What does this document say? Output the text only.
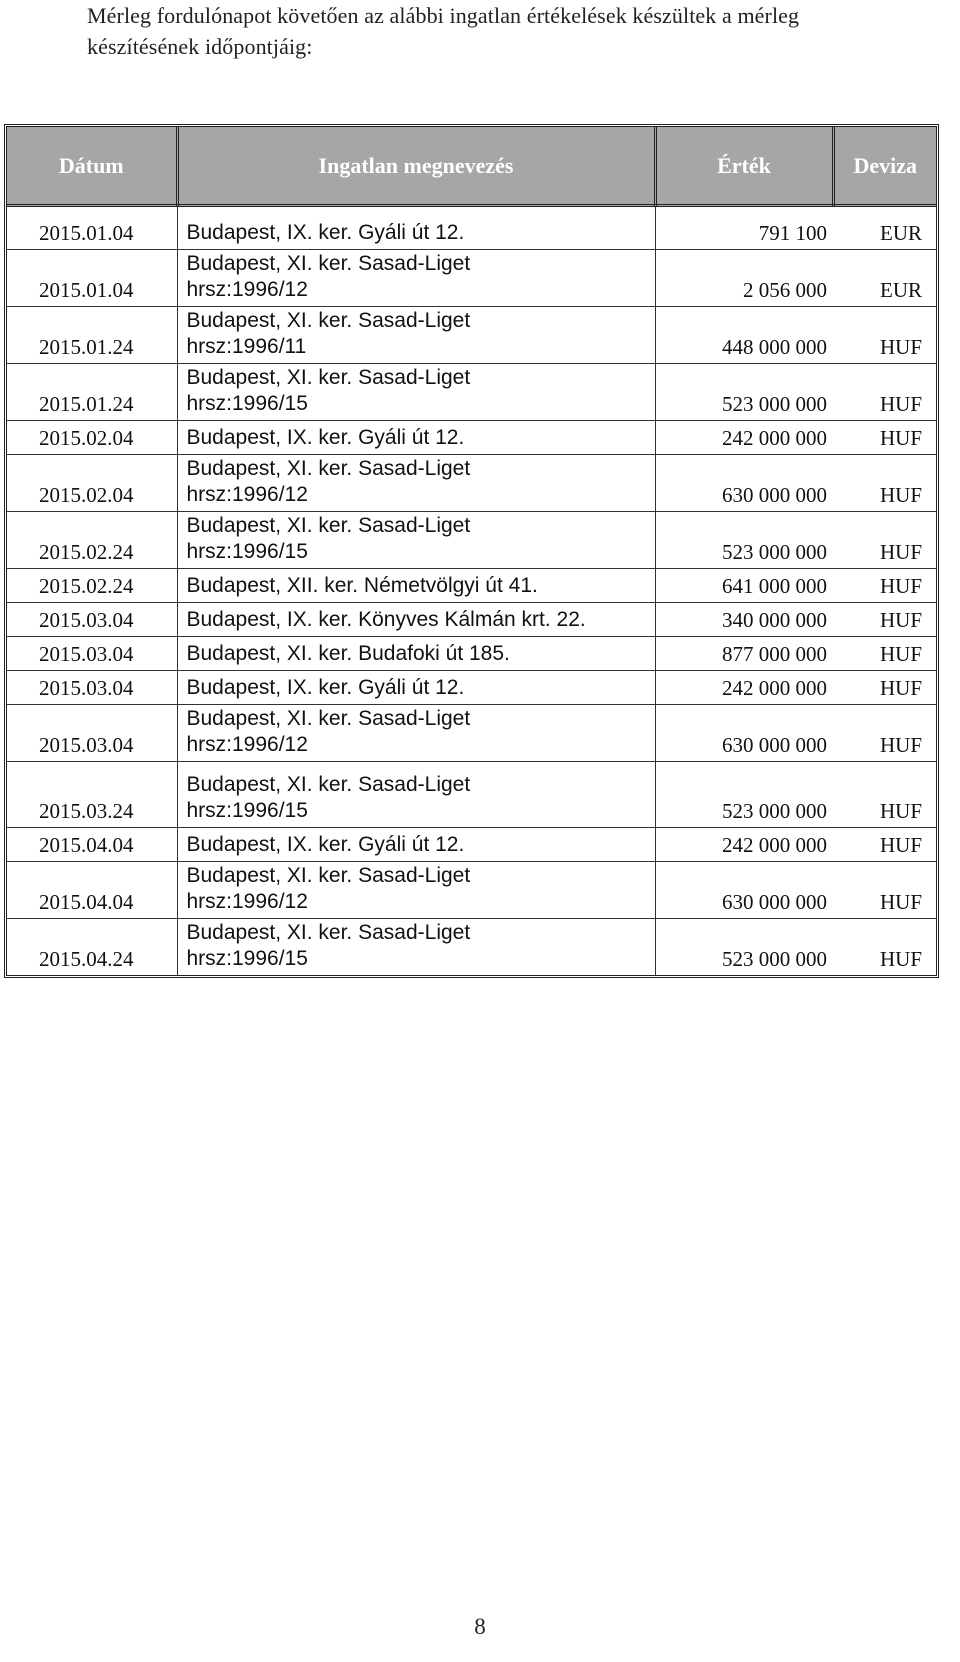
Mérleg fordulónapot követően az alábbi ingatlan értékelések készültek a mérleg
készítésének időpontjáig:
Dátum	Ingatlan megnevezés	Érték	Deviza

2015.01.04	Budapest, IX. ker. Gyáli út 12.	791 100	EUR
2015.01.04	Budapest, XI. ker. Sasad-Liget
hrsz:1996/12	2 056 000	EUR
2015.01.24	Budapest, XI. ker. Sasad-Liget
hrsz:1996/11	448 000 000	HUF
2015.01.24	Budapest, XI. ker. Sasad-Liget
hrsz:1996/15	523 000 000	HUF
2015.02.04	Budapest, IX. ker. Gyáli út 12.	242 000 000	HUF
2015.02.04	Budapest, XI. ker. Sasad-Liget
hrsz:1996/12	630 000 000	HUF
2015.02.24	Budapest, XI. ker. Sasad-Liget
hrsz:1996/15	523 000 000	HUF
2015.02.24	Budapest, XII. ker. Németvölgyi út 41.	641 000 000	HUF
2015.03.04	Budapest, IX. ker. Könyves Kálmán krt. 22.	340 000 000	HUF
2015.03.04	Budapest, XI. ker. Budafoki út 185.	877 000 000	HUF
2015.03.04	Budapest, IX. ker. Gyáli út 12.	242 000 000	HUF
2015.03.04	Budapest, XI. ker. Sasad-Liget
hrsz:1996/12	630 000 000	HUF
2015.03.24	Budapest, XI. ker. Sasad-Liget
hrsz:1996/15	523 000 000	HUF
2015.04.04	Budapest, IX. ker. Gyáli út 12.	242 000 000	HUF
2015.04.04	Budapest, XI. ker. Sasad-Liget
hrsz:1996/12	630 000 000	HUF
2015.04.24	Budapest, XI. ker. Sasad-Liget
hrsz:1996/15	523 000 000	HUF
8
